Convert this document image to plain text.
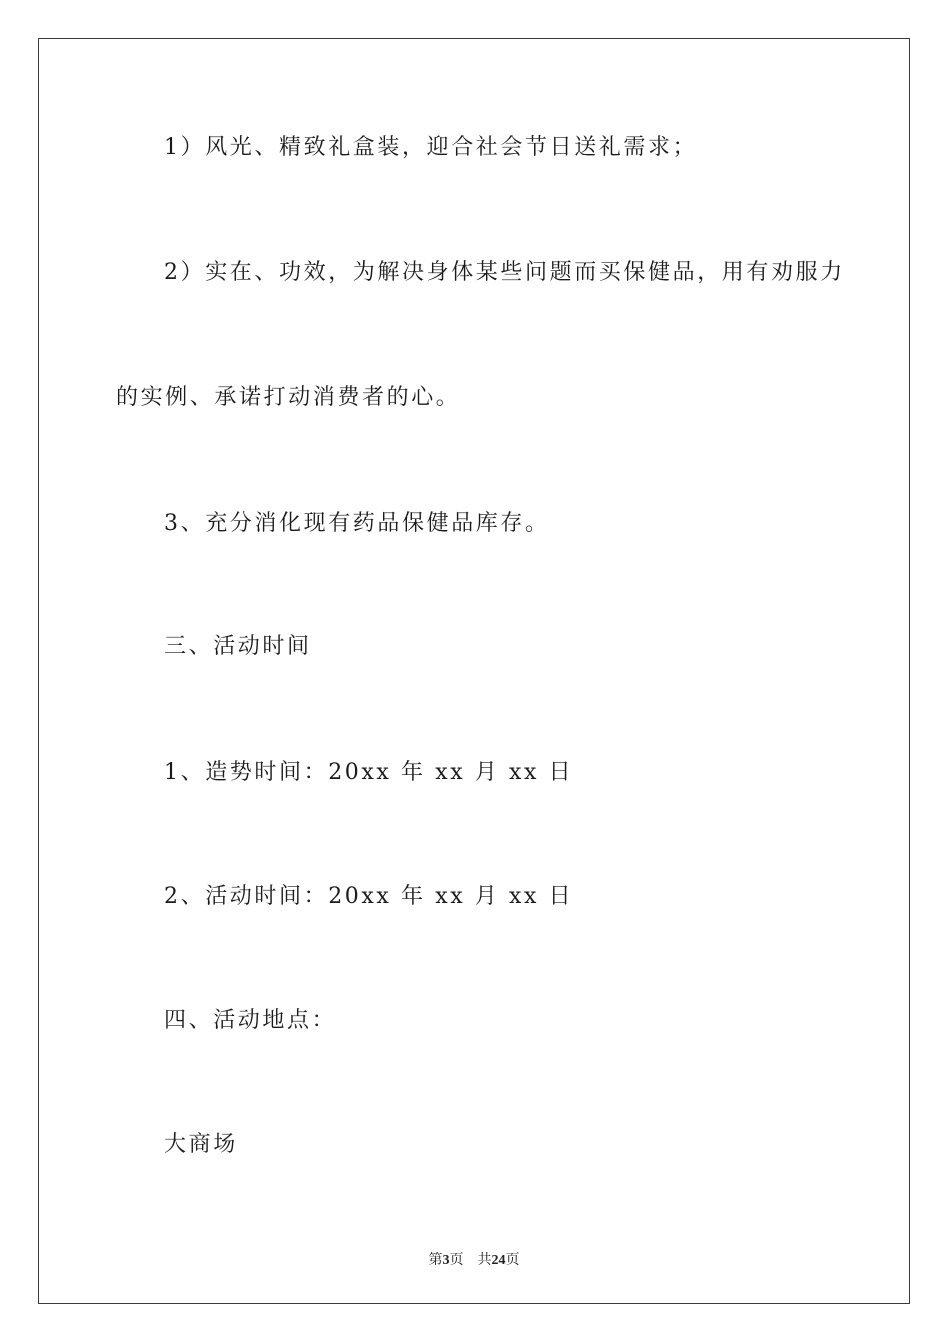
1）风光、精致礼盒装，迎合社会节日送礼需求；
2）实在、功效，为解决身体某些问题而买保健品，用有劝服力
的实例、承诺打动消费者的心。
3、充分消化现有药品保健品库存。
三、活动时间
1、造势时间：20xx 年 xx 月 xx 日
2、活动时间：20xx 年 xx 月 xx 日
四、活动地点：
大商场
第3页 共24页
